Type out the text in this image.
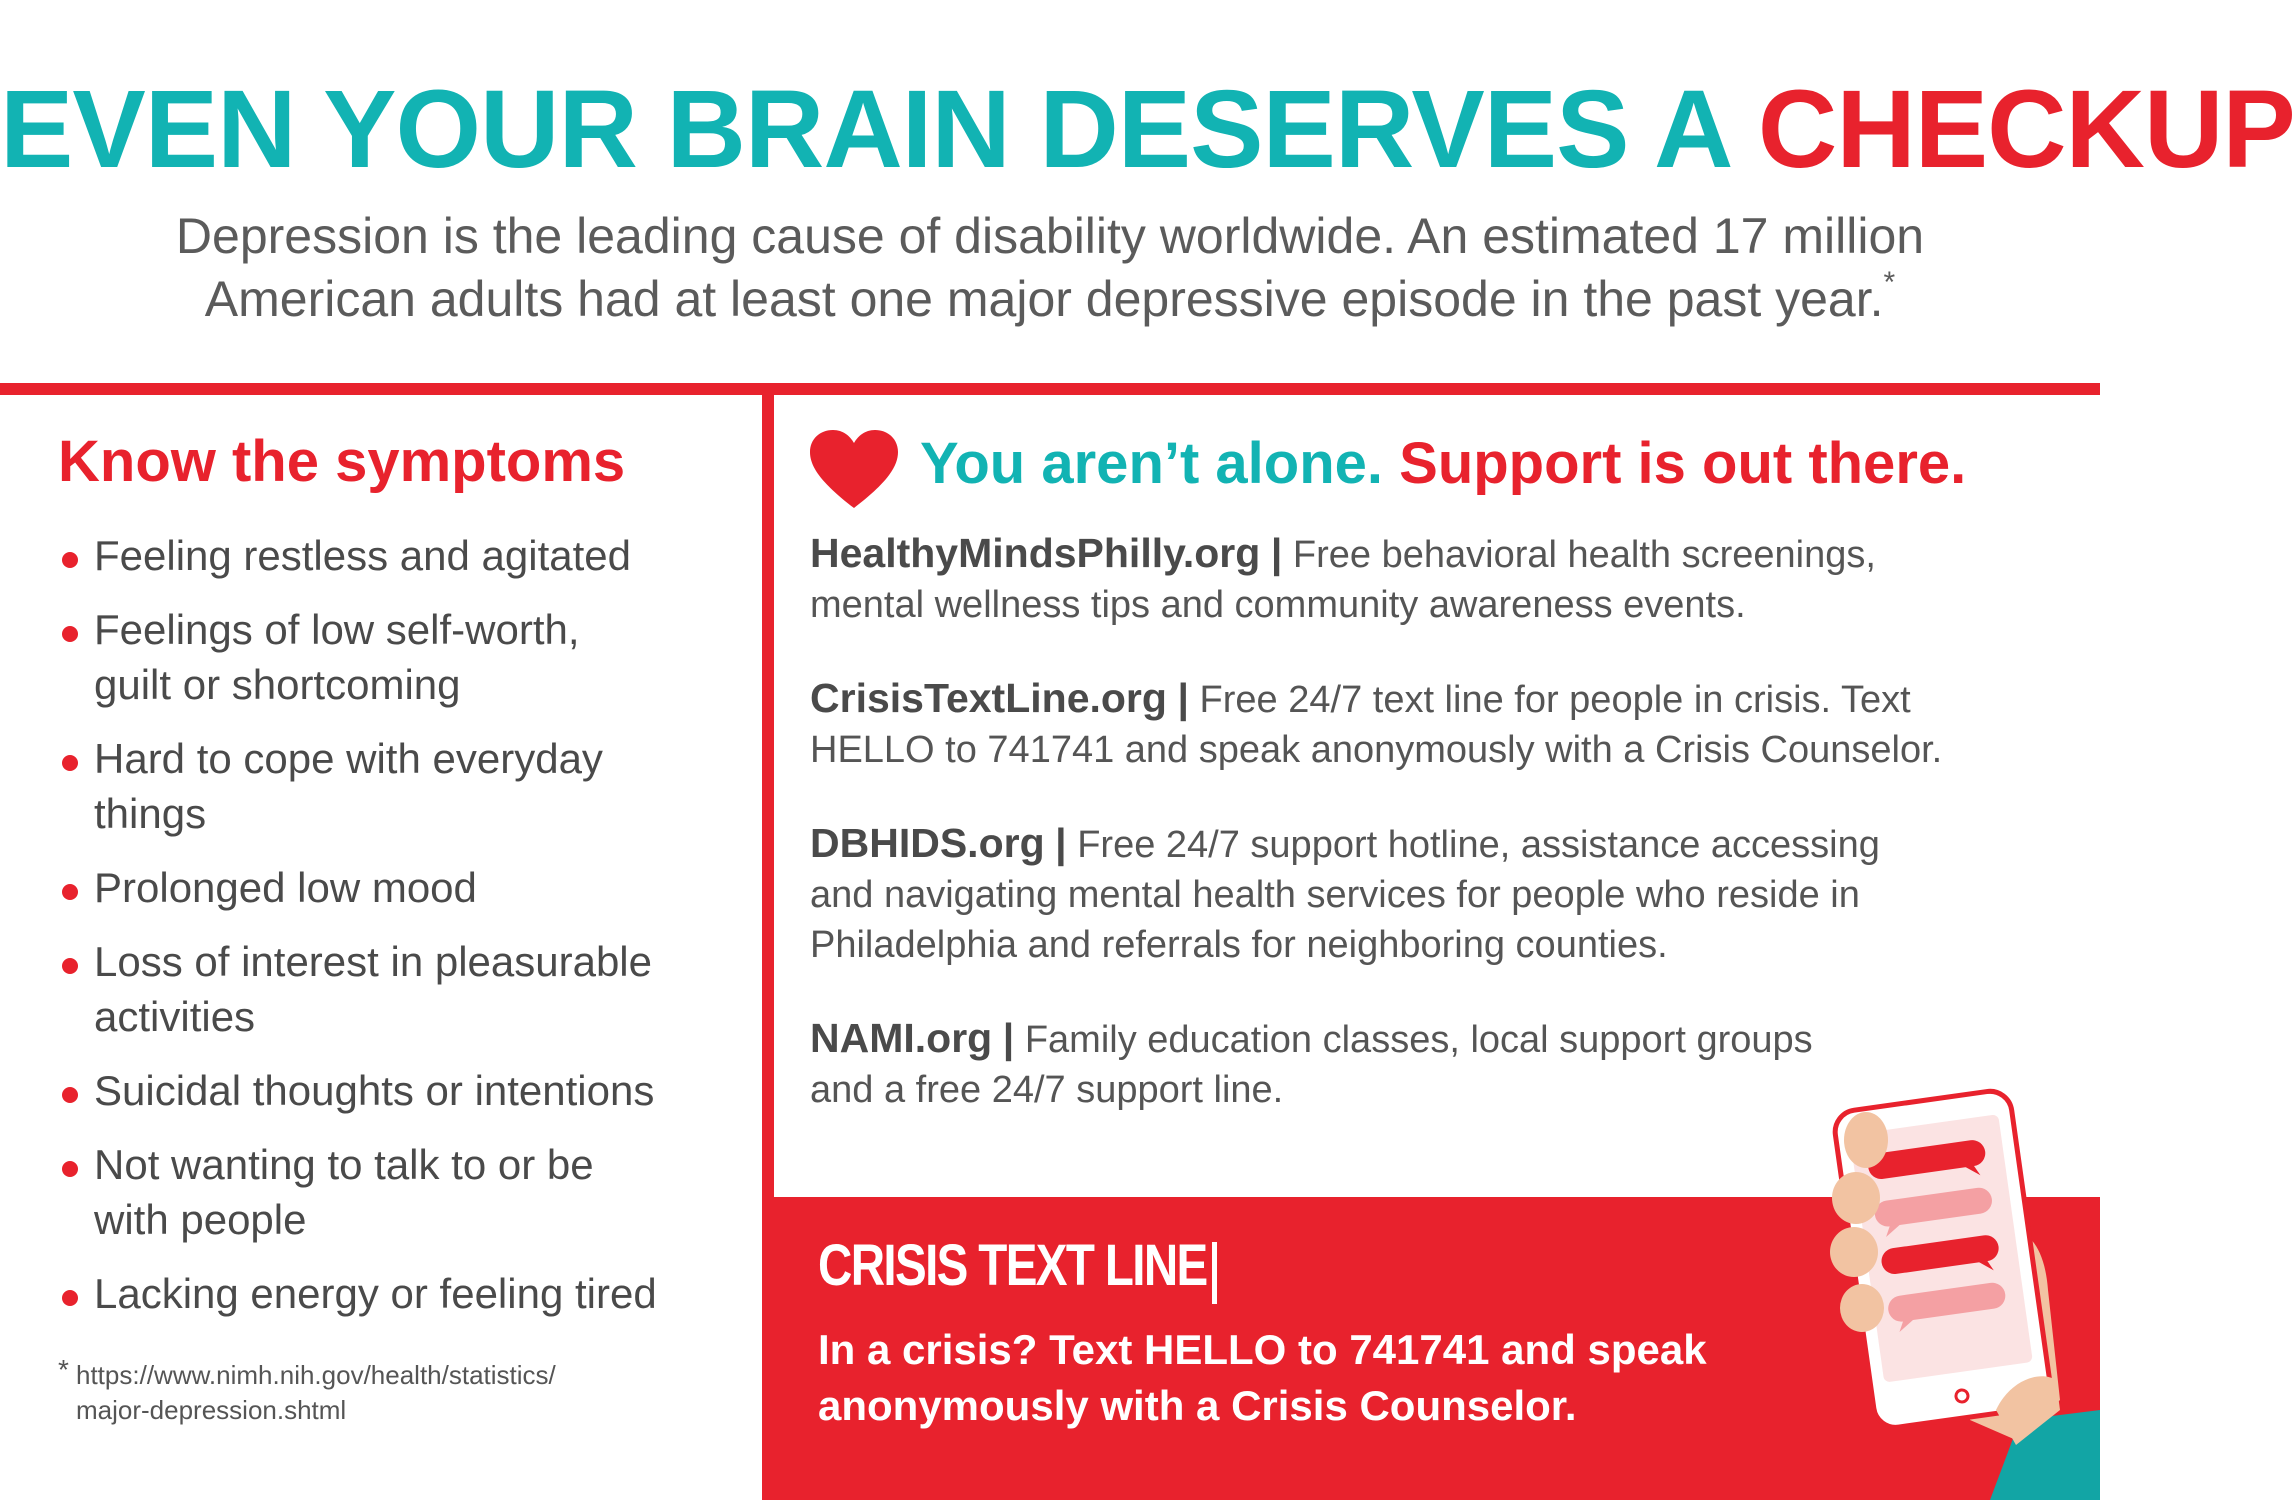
EVEN YOUR BRAIN DESERVES A CHECKUP
Depression is the leading cause of disability worldwide. An estimated 17 million
American adults had at least one major depressive episode in the past year.*
Know the symptoms
Feeling restless and agitated
Feelings of low self-worth,
guilt or shortcoming
Hard to cope with everyday
things
Prolonged low mood
Loss of interest in pleasurable
activities
Suicidal thoughts or intentions
Not wanting to talk to or be
with people
Lacking energy or feeling tired
* https://www.nimh.nih.gov/health/statistics/
major-depression.shtml
You aren’t alone. Support is out there.
HealthyMindsPhilly.org | Free behavioral health screenings,
mental wellness tips and community awareness events.
CrisisTextLine.org | Free 24/7 text line for people in crisis. Text
HELLO to 741741 and speak anonymously with a Crisis Counselor.
DBHIDS.org | Free 24/7 support hotline, assistance accessing
and navigating mental health services for people who reside in
Philadelphia and referrals for neighboring counties.
NAMI.org | Family education classes, local support groups
and a free 24/7 support line.
CRISIS TEXT LINE
In a crisis? Text HELLO to 741741 and speak
anonymously with a Crisis Counselor.
